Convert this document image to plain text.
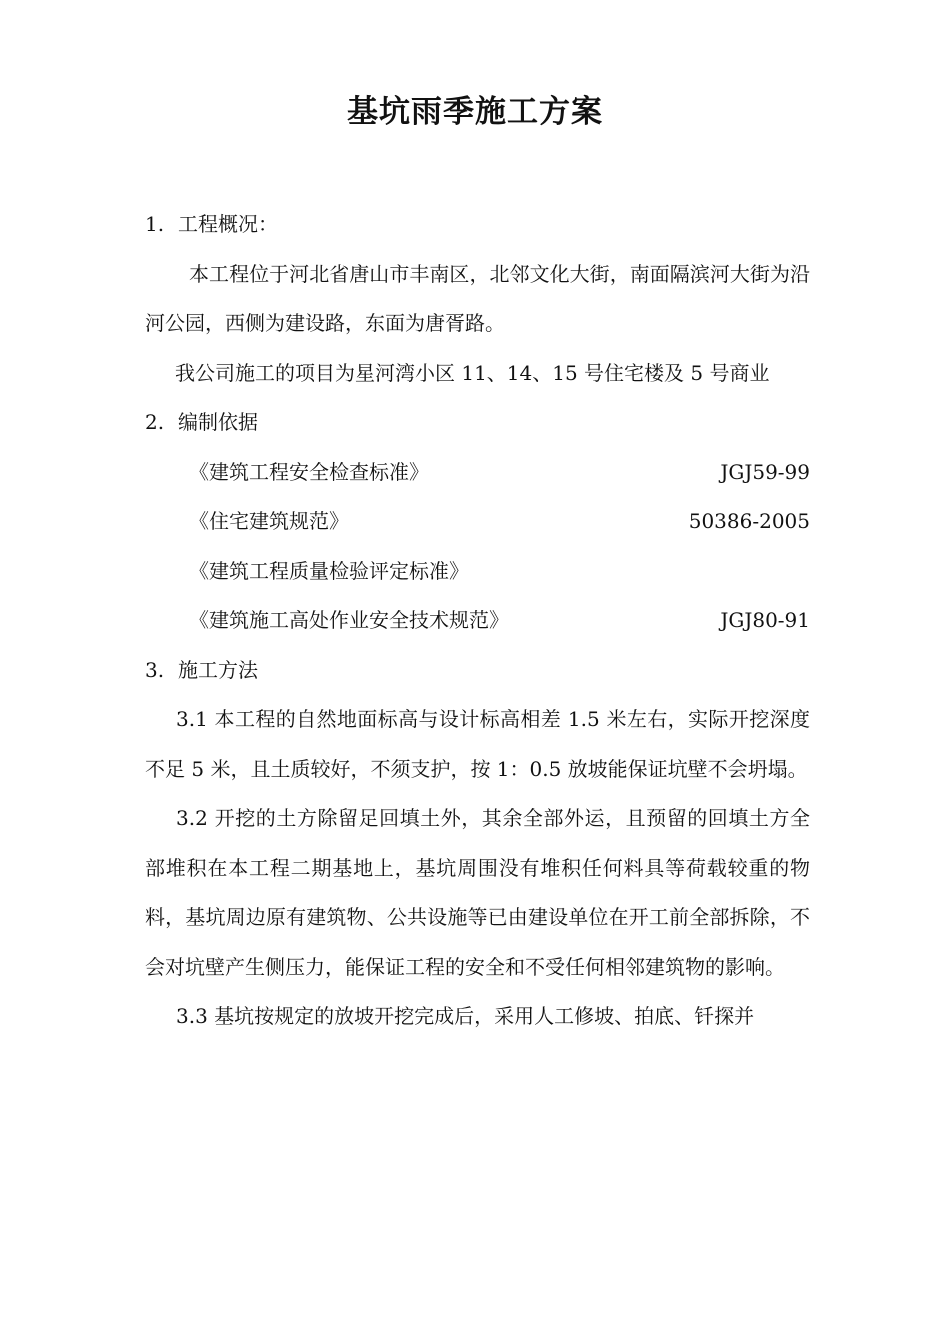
基坑雨季施工方案
1. 工程概况：

本工程位于河北省唐山市丰南区，北邻文化大街，南面隔滨河大街为沿河公园，西侧为建设路，东面为唐胥路。

我公司施工的项目为星河湾小区 11、14、15 号住宅楼及 5 号商业

2. 编制依据
《建筑工程安全检查标准》	JGJ59-99
《住宅建筑规范》	50386-2005
《建筑工程质量检验评定标准》
《建筑施工高处作业安全技术规范》	JGJ80-91
3. 施工方法

3.1 本工程的自然地面标高与设计标高相差 1.5 米左右，实际开挖深度不足 5 米，且土质较好，不须支护，按 1：0.5 放坡能保证坑壁不会坍塌。

3.2 开挖的土方除留足回填土外，其余全部外运，且预留的回填土方全部堆积在本工程二期基地上，基坑周围没有堆积任何料具等荷载较重的物料，基坑周边原有建筑物、公共设施等已由建设单位在开工前全部拆除，不会对坑壁产生侧压力，能保证工程的安全和不受任何相邻建筑物的影响。

3.3 基坑按规定的放坡开挖完成后，采用人工修坡、拍底、钎探并
